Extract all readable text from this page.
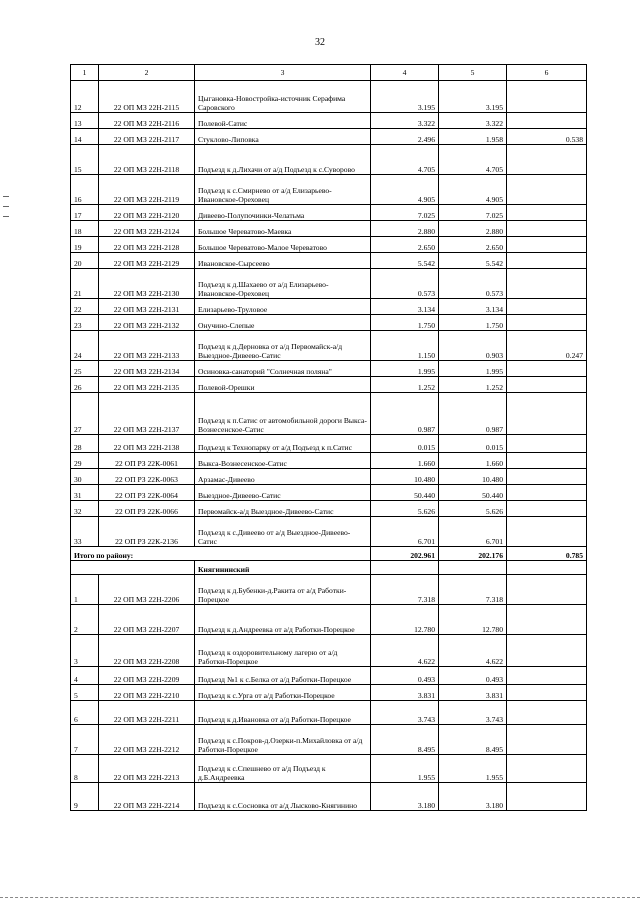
32
1	2	3	4	5	6
12	22 ОП МЗ 22Н-2115	Цыгановка-Новостройка-источник Серафима Саровского	3.195	3.195	
13	22 ОП МЗ 22Н-2116	Полевой-Сатис	3.322	3.322	
14	22 ОП МЗ 22Н-2117	Стуклово-Липовка	2.496	1.958	0.538
15	22 ОП МЗ 22Н-2118	Подъезд к д.Лихачи от а/д Подъезд к с.Суворово	4.705	4.705	
16	22 ОП МЗ 22Н-2119	Подъезд к с.Смирнево от а/д Елизарьево-Ивановское-Ореховец	4.905	4.905	
17	22 ОП МЗ 22Н-2120	Дивеево-Полупочинки-Челатьма	7.025	7.025	
18	22 ОП МЗ 22Н-2124	Большое Череватово-Маевка	2.880	2.880	
19	22 ОП МЗ 22Н-2128	Большое Череватово-Малое Череватово	2.650	2.650	
20	22 ОП МЗ 22Н-2129	Ивановское-Сырсеево	5.542	5.542	
21	22 ОП МЗ 22Н-2130	Подъезд к д.Шахаево от а/д Елизарьево-Ивановское-Ореховец	0.573	0.573	
22	22 ОП МЗ 22Н-2131	Елизарьево-Труловое	3.134	3.134	
23	22 ОП МЗ 22Н-2132	Онучино-Слепые	1.750	1.750	
24	22 ОП МЗ 22Н-2133	Подъезд к д.Дерновка от а/д Первомайск-а/д Выездное-Дивеево-Сатис	1.150	0.903	0.247
25	22 ОП МЗ 22Н-2134	Осиновка-санаторий "Солнечная поляна"	1.995	1.995	
26	22 ОП МЗ 22Н-2135	Полевой-Орешки	1.252	1.252	
27	22 ОП МЗ 22Н-2137	Подъезд к п.Сатис от автомобильной дороги Выкса-Вознесенское-Сатис	0.987	0.987	
28	22 ОП МЗ 22Н-2138	Подъезд к Технопарку от а/д Подъезд к п.Сатис	0.015	0.015	
29	22 ОП РЗ 22К-0061	Выкса-Вознесенское-Сатис	1.660	1.660	
30	22 ОП РЗ 22К-0063	Арзамас-Дивеево	10.480	10.480	
31	22 ОП РЗ 22К-0064	Выездное-Дивеево-Сатис	50.440	50.440	
32	22 ОП РЗ 22К-0066	Первомайск-а/д Выездное-Дивеево-Сатис	5.626	5.626	
33	22 ОП РЗ 22К-2136	Подъезд к с.Дивеево от а/д Выездное-Дивеево-Сатис	6.701	6.701	
Итого по району:			202.961	202.176	0.785
		Княгининский			
1	22 ОП МЗ 22Н-2206	Подъезд к д.Бубенки-д.Ракита от а/д Работки-Порецкое	7.318	7.318	
2	22 ОП МЗ 22Н-2207	Подъезд к д.Андреевка от а/д Работки-Порецкое	12.780	12.780	
3	22 ОП МЗ 22Н-2208	Подъезд к оздоровительному лагерю от а/д Работки-Порецкое	4.622	4.622	
4	22 ОП МЗ 22Н-2209	Подъезд №1 к с.Белка от а/д Работки-Порецкое	0.493	0.493	
5	22 ОП МЗ 22Н-2210	Подъезд к с.Урга от а/д Работки-Порецкое	3.831	3.831	
6	22 ОП МЗ 22Н-2211	Подъезд к д.Ивановка от а/д Работки-Порецкое	3.743	3.743	
7	22 ОП МЗ 22Н-2212	Подъезд к с.Покров-д.Озерки-п.Михайловка от а/д Работки-Порецкое	8.495	8.495	
8	22 ОП МЗ 22Н-2213	Подъезд к с.Спешнево от а/д Подъезд к д.Б.Андреевка	1.955	1.955	
9	22 ОП МЗ 22Н-2214	Подъезд к с.Сосновка от а/д Лысково-Княгинино	3.180	3.180	
